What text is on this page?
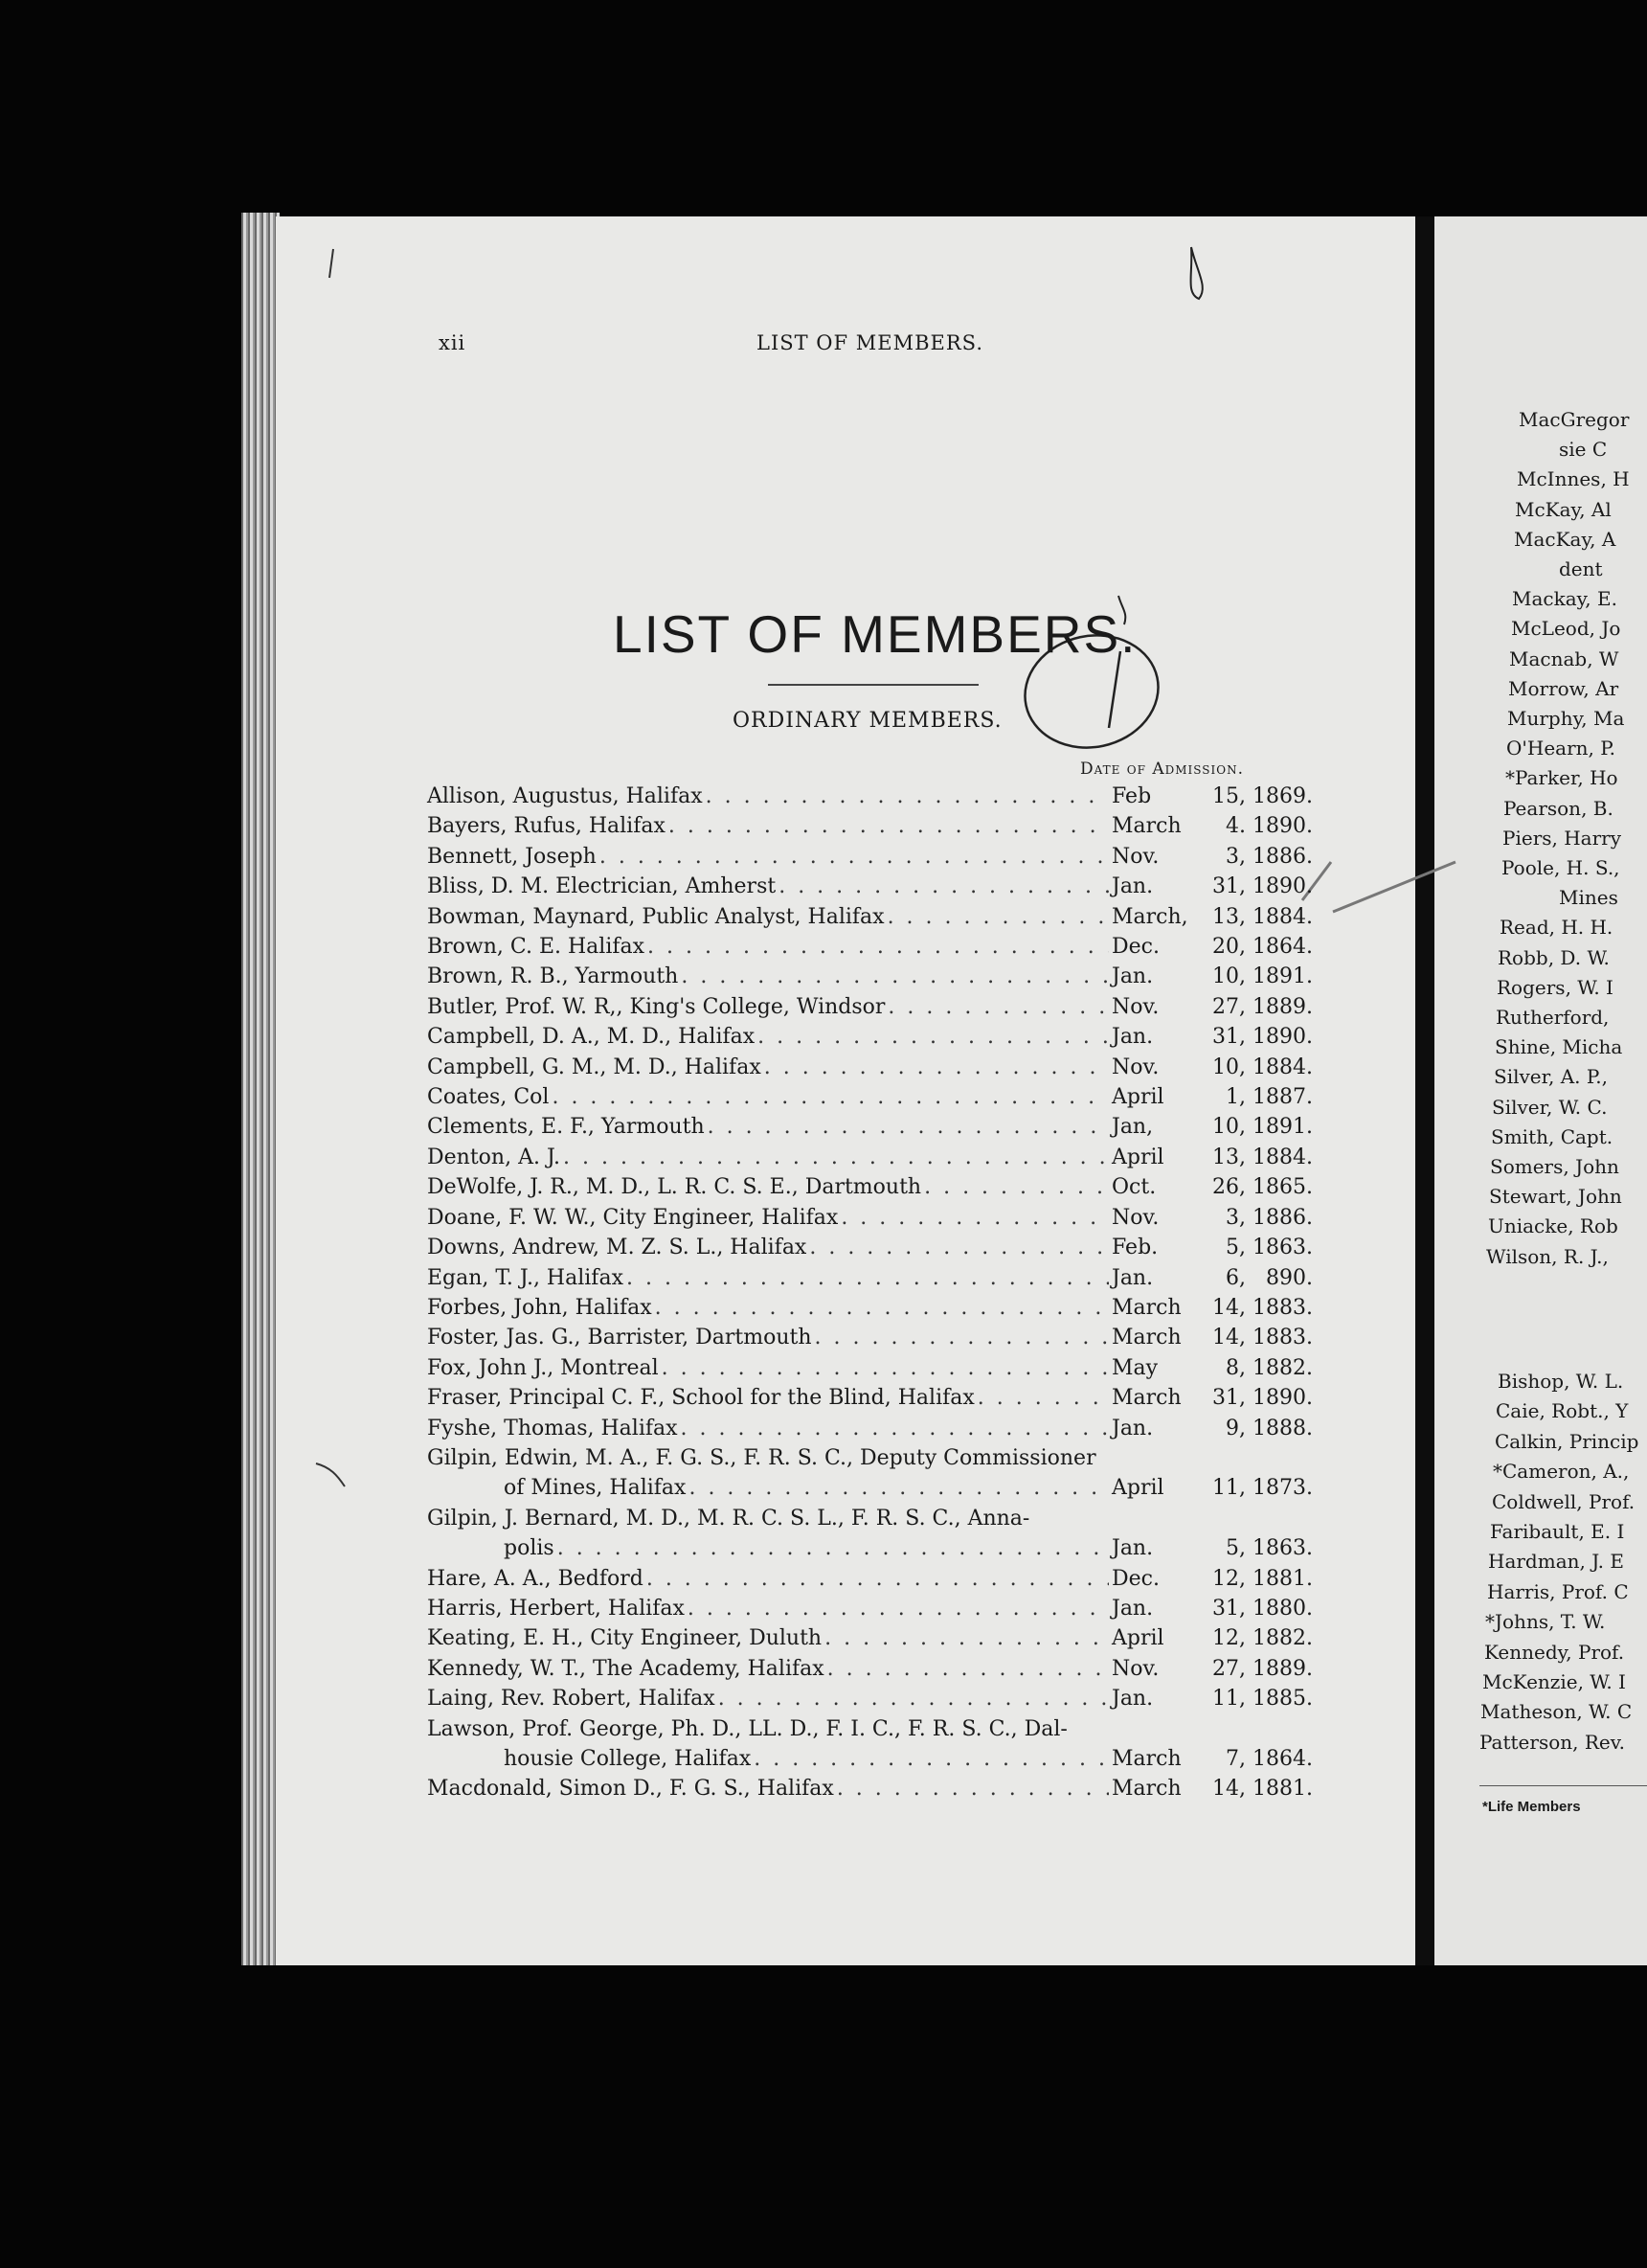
MacGregor
sie C
McInnes, H
McKay, Al
MacKay, A
dent
Mackay, E.
McLeod, Jo
Macnab, W
Morrow, Ar
Murphy, Ma
O'Hearn, P.
*Parker, Ho
Pearson, B.
Piers, Harry
Poole, H. S.,
Mines
Read, H. H.
Robb, D. W.
Rogers, W. I
Rutherford,
Shine, Micha
Silver, A. P.,
Silver, W. C.
Smith, Capt.
Somers, John
Stewart, John
Uniacke, Rob
Wilson, R. J.,
Bishop, W. L.
Caie, Robt., Y
Calkin, Princip
*Cameron, A.,
Coldwell, Prof.
Faribault, E. I
Hardman, J. E
Harris, Prof. C
*Johns, T. W.
Kennedy, Prof.
McKenzie, W. I
Matheson, W. C
Patterson, Rev.
xii	LIST OF MEMBERS.
LIST OF MEMBERS.
ORDINARY MEMBERS.
Date of Admission.
Allison, Augustus, Halifax . . .	Feb	15, 1869.
Bayers, Rufus, Halifax . . .	March	4. 1890.
Bennett, Joseph . . .	Nov.	3, 1886.
Bliss, D. M. Electrician, Amherst . . .	Jan.	31, 1890.
Bowman, Maynard, Public Analyst, Halifax . . .	March,	13, 1884.
Brown, C. E. Halifax . . .	Dec.	20, 1864.
Brown, R. B., Yarmouth . . .	Jan.	10, 1891.
Butler, Prof. W. R,, King's College, Windsor . . .	Nov.	27, 1889.
Campbell, D. A., M. D., Halifax . . .	Jan.	31, 1890.
Campbell, G. M., M. D., Halifax . . .	Nov.	10, 1884.
Coates, Col . . .	April	1, 1887.
Clements, E. F., Yarmouth . . .	Jan,	10, 1891.
Denton, A. J. . . .	April	13, 1884.
DeWolfe, J. R., M. D., L. R. C. S. E., Dartmouth . . .	Oct.	26, 1865.
Doane, F. W. W., City Engineer, Halifax . . .	Nov.	3, 1886.
Downs, Andrew, M. Z. S. L., Halifax . . .	Feb.	5, 1863.
Egan, T. J., Halifax . . .	Jan.	6, 890.
Forbes, John, Halifax . . .	March	14, 1883.
Foster, Jas. G., Barrister, Dartmouth . . .	March	14, 1883.
Fox, John J., Montreal . . .	May	8, 1882.
Fraser, Principal C. F., School for the Blind, Halifax . . .	March	31, 1890.
Fyshe, Thomas, Halifax . . .	Jan.	9, 1888.
Gilpin, Edwin, M. A., F. G. S., F. R. S. C., Deputy Commissioner
of Mines, Halifax . . .	April	11, 1873.
Gilpin, J. Bernard, M. D., M. R. C. S. L., F. R. S. C., Anna-
polis . . .	Jan.	5, 1863.
Hare, A. A., Bedford . . .	Dec.	12, 1881.
Harris, Herbert, Halifax . . .	Jan.	31, 1880.
Keating, E. H., City Engineer, Duluth . . .	April	12, 1882.
Kennedy, W. T., The Academy, Halifax . . .	Nov.	27, 1889.
Laing, Rev. Robert, Halifax . . .	Jan.	11, 1885.
Lawson, Prof. George, Ph. D., LL. D., F. I. C., F. R. S. C., Dal-
housie College, Halifax . . .	March	7, 1864.
Macdonald, Simon D., F. G. S., Halifax . . .	March	14, 1881.
*Life Members
